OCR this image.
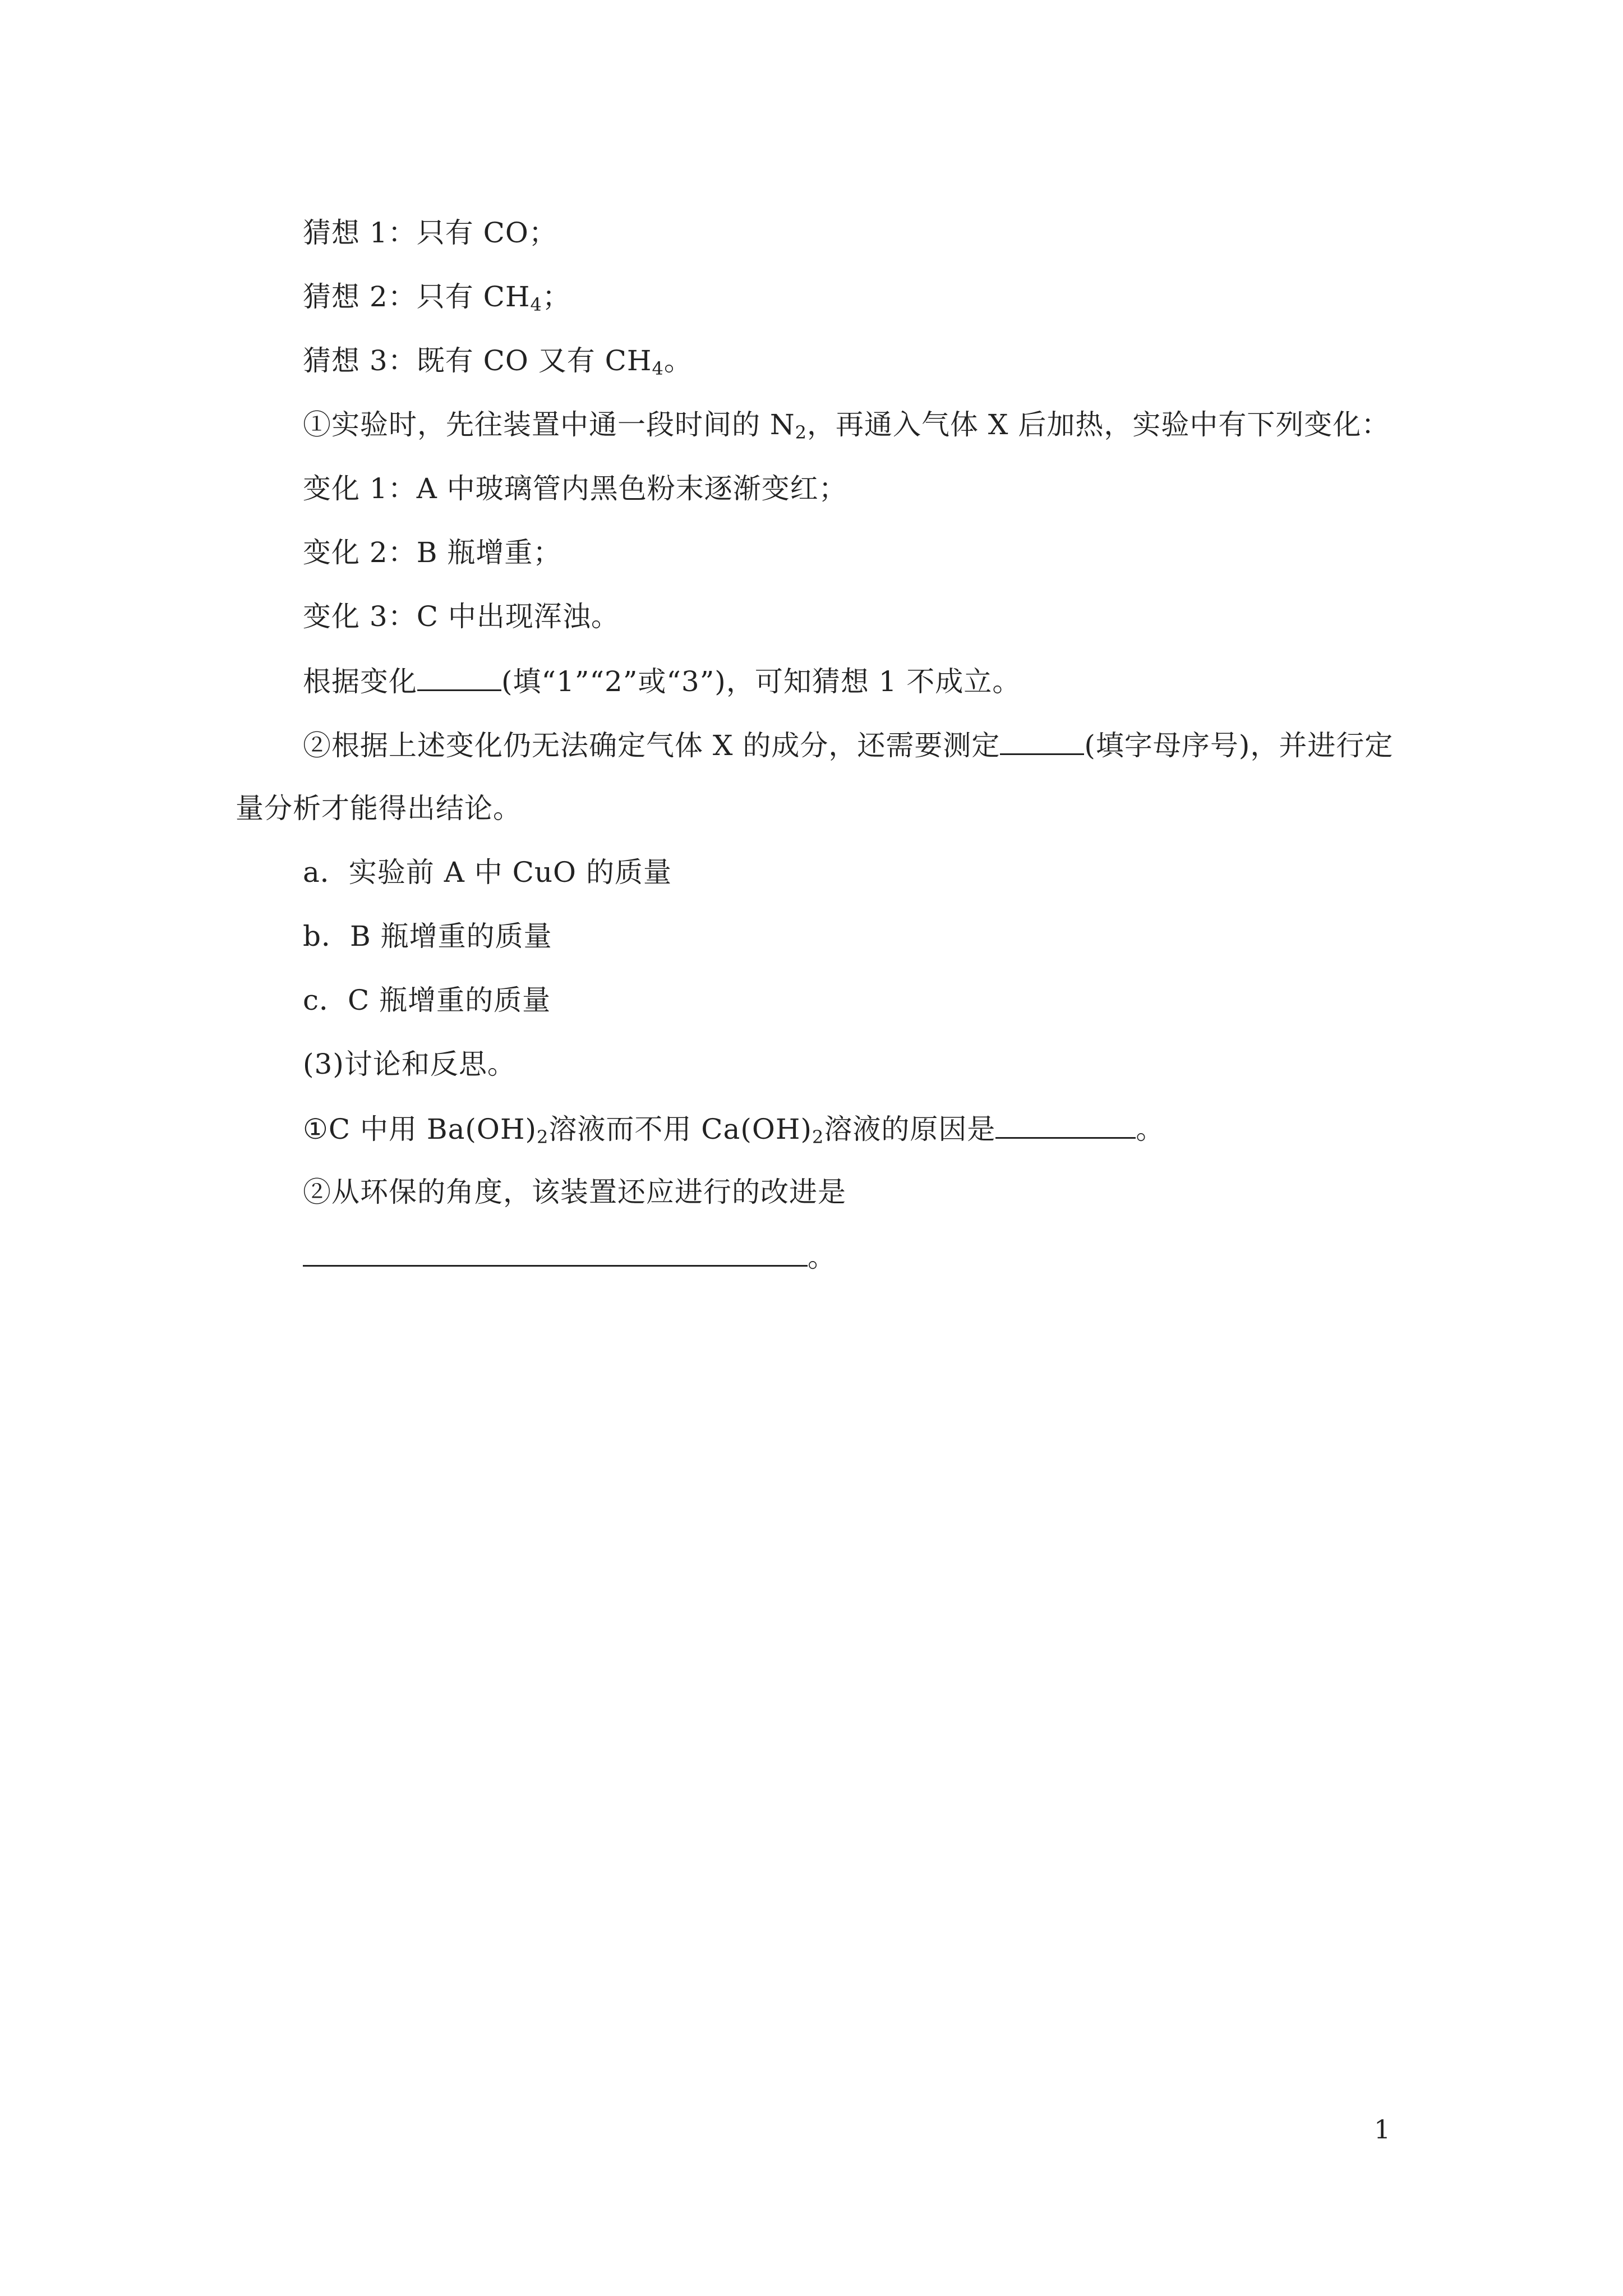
猜想 1：只有 CO；
猜想 2：只有 $CH_4$；
猜想 3：既有 CO 又有 $CH_4$。
①实验时，先往装置中通一段时间的 $N_2$，再通入气体 X 后加热，实验中有下列变化：
变化 1：A 中玻璃管内黑色粉末逐渐变红；
变化 2：B 瓶增重；
变化 3：C 中出现浑浊。
根据变化	(填“1”“2”或“3”)，可知猜想 1 不成立。
②根据上述变化仍无法确定气体 X 的成分，还需要测定	(填字母序号)，并进行定
量分析才能得出结论。
a．实验前 A 中 CuO 的质量
b．B 瓶增重的质量
c．C 瓶增重的质量
(3)讨论和反思。
①C 中用 $Ba(OH)_2$溶液而不用 $Ca(OH)_2$溶液的原因是	。
②从环保的角度，该装置还应进行的改进是
。
1
